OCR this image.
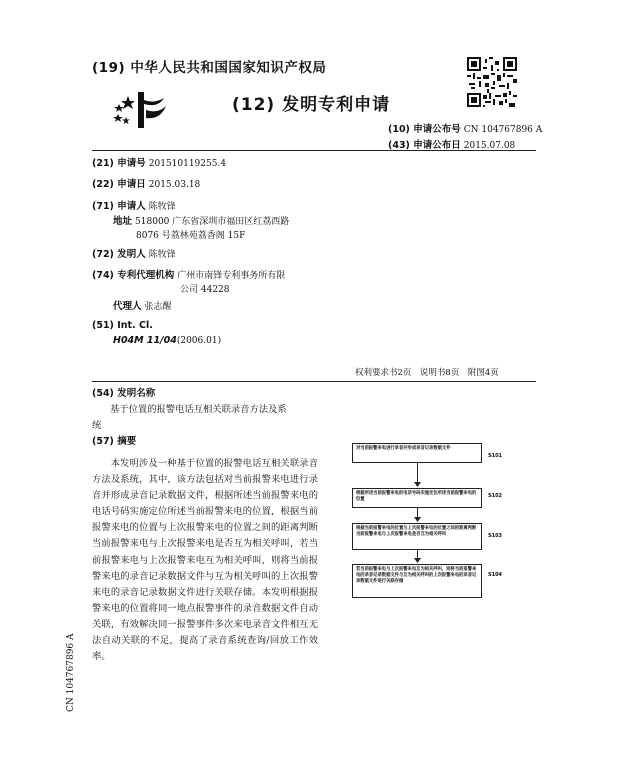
(19) 中华人民共和国国家知识产权局
(12) 发明专利申请
(10) 申请公布号 CN 104767896 A
(43) 申请公布日 2015.07.08
(21) 申请号 201510119255.4
(22) 申请日 2015.03.18
(71) 申请人 陈牧锋
地址 518000 广东省深圳市福田区红荔西路
8076 号荔林苑荔香阁 15F
(72) 发明人 陈牧锋
(74) 专利代理机构 广州市南锋专利事务所有限
公司 44228
代理人 张志醒
(51) Int. Cl.
H04M 11/04(2006.01)
权利要求书2页　说明书8页　附图4页
(54) 发明名称
基于位置的报警电话互相关联录音方法及系
统
(57) 摘要
本发明涉及一种基于位置的报警电话互相关联录音方法及系统，其中，该方法包括对当前报警来电进行录音并形成录音记录数据文件，根据所述当前报警来电的电话号码实施定位所述当前报警来电的位置，根据当前报警来电的位置与上次报警来电的位置之间的距离判断当前报警来电与上次报警来电是否互为相关呼叫，若当前报警来电与上次报警来电互为相关呼叫，则将当前报警来电的录音记录数据文件与互为相关呼叫的上次报警来电的录音记录数据文件进行关联存储。本发明根据报警来电的位置将同一地点报警事件的录音数据文件自动关联，有效解决同一报警事件多次来电录音文件相互无法自动关联的不足，提高了录音系统查询/回放工作效率。
对当前报警来电进行录音并形成录音记录数据文件
S101
根据所述当前报警来电的电话号码实施定位所述当前报警来电的位置
S102
根据当前报警来电的位置与上次报警来电的位置之间的距离判断当前报警来电与上次报警来电是否互为相关呼叫	S103
若当前报警来电与上次报警来电互为相关呼叫，则将当前报警来电的录音记录数据文件与互为相关呼叫的上次报警来电的录音记录数据文件进行关联存储
S104
CN 104767896 A
